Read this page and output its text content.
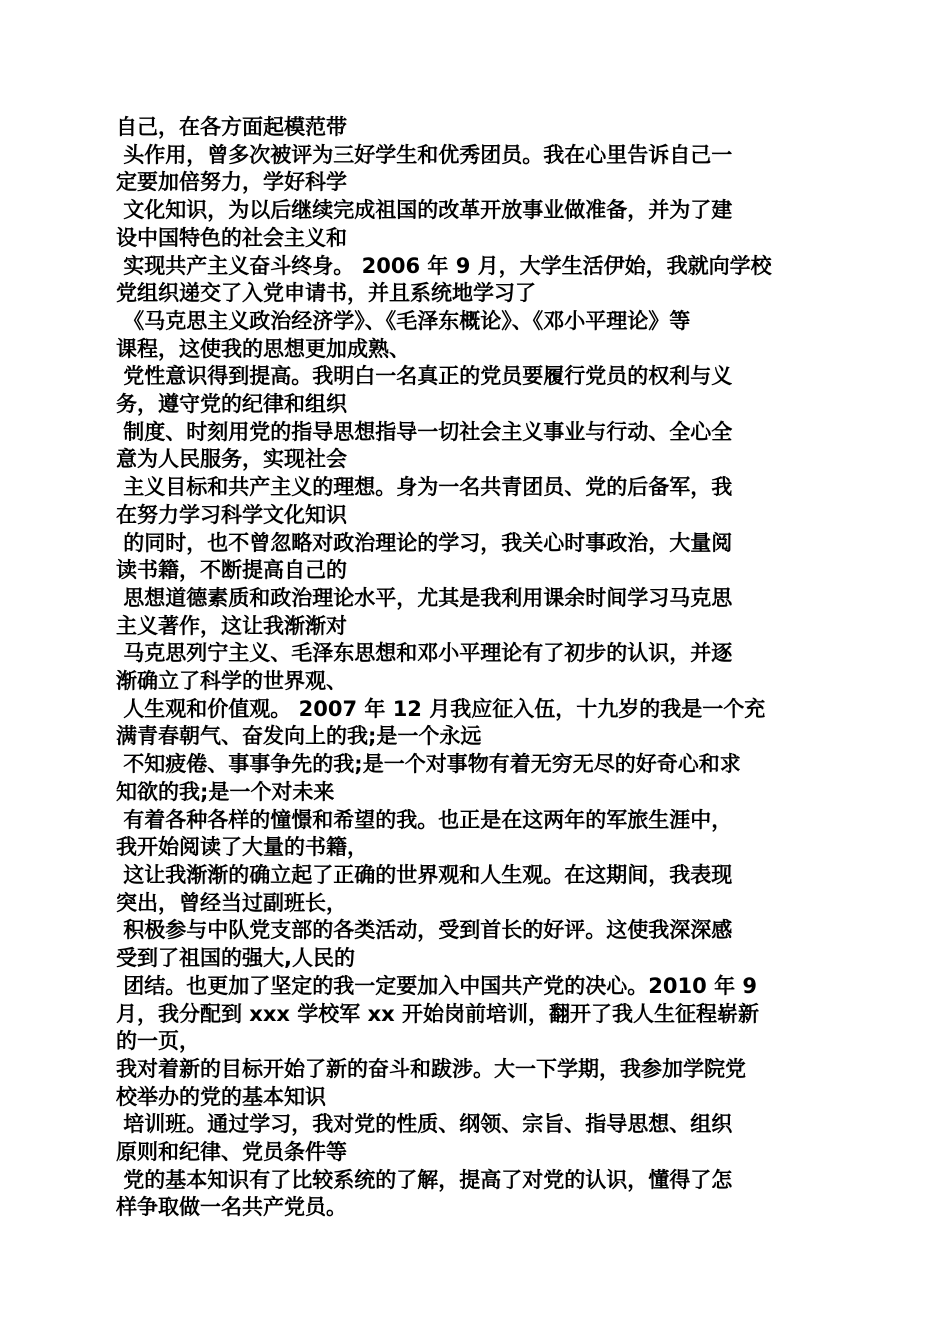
自己，在各方面起模范带
头作用，曾多次被评为三好学生和优秀团员。我在心里告诉自己一
定要加倍努力，学好科学
文化知识，为以后继续完成祖国的改革开放事业做准备，并为了建
设中国特色的社会主义和
实现共产主义奋斗终身。 2006 年 9 月，大学生活伊始，我就向学校
党组织递交了入党申请书，并且系统地学习了
《马克思主义政治经济学》、《毛泽东概论》、《邓小平理论》等
课程，这使我的思想更加成熟、
党性意识得到提高。我明白一名真正的党员要履行党员的权利与义
务，遵守党的纪律和组织
制度、时刻用党的指导思想指导一切社会主义事业与行动、全心全
意为人民服务，实现社会
主义目标和共产主义的理想。身为一名共青团员、党的后备军，我
在努力学习科学文化知识
的同时，也不曾忽略对政治理论的学习，我关心时事政治，大量阅
读书籍，不断提高自己的
思想道德素质和政治理论水平，尤其是我利用课余时间学习马克思
主义著作，这让我渐渐对
马克思列宁主义、毛泽东思想和邓小平理论有了初步的认识，并逐
渐确立了科学的世界观、
人生观和价值观。 2007 年 12 月我应征入伍，十九岁的我是一个充
满青春朝气、奋发向上的我;是一个永远
不知疲倦、事事争先的我;是一个对事物有着无穷无尽的好奇心和求
知欲的我;是一个对未来
有着各种各样的憧憬和希望的我。也正是在这两年的军旅生涯中，
我开始阅读了大量的书籍，
这让我渐渐的确立起了正确的世界观和人生观。在这期间，我表现
突出，曾经当过副班长，
积极参与中队党支部的各类活动，受到首长的好评。这使我深深感
受到了祖国的强大,人民的
团结。也更加了坚定的我一定要加入中国共产党的决心。2010 年 9
月，我分配到 xxx 学校军 xx 开始岗前培训，翻开了我人生征程崭新
的一页，
我对着新的目标开始了新的奋斗和跋涉。大一下学期，我参加学院党
校举办的党的基本知识
培训班。通过学习，我对党的性质、纲领、宗旨、指导思想、组织
原则和纪律、党员条件等
党的基本知识有了比较系统的了解，提高了对党的认识，懂得了怎
样争取做一名共产党员。
